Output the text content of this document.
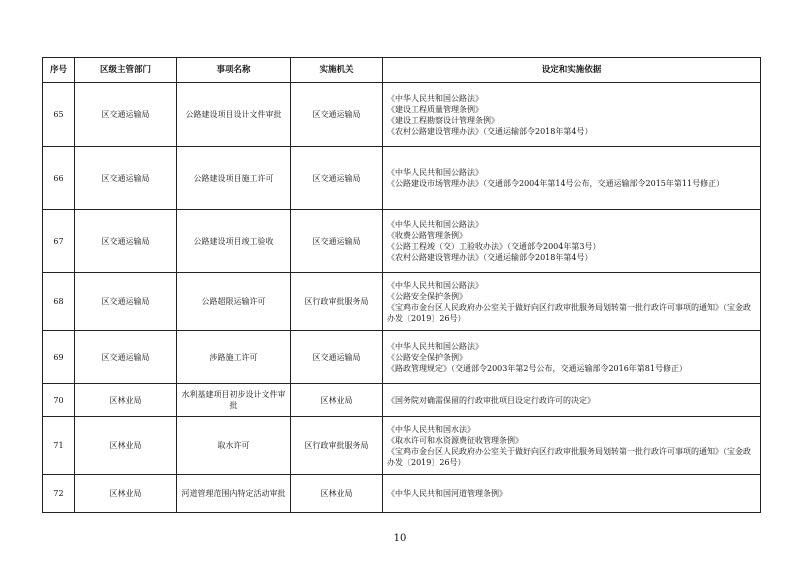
序号	区级主管部门	事项名称	实施机关	设定和实施依据
65	区交通运输局	公路建设项目设计文件审批	区交通运输局	《中华人民共和国公路法》
《建设工程质量管理条例》
《建设工程勘察设计管理条例》
《农村公路建设管理办法》（交通运输部令2018年第4号）

66	区交通运输局	公路建设项目施工许可	区交通运输局	《中华人民共和国公路法》
《公路建设市场管理办法》（交通部令2004年第14号公布，交通运输部令2015年第11号修正）

67	区交通运输局	公路建设项目竣工验收	区交通运输局	《中华人民共和国公路法》
《收费公路管理条例》
《公路工程竣（交）工验收办法》（交通部令2004年第3号）
《农村公路建设管理办法》（交通运输部令2018年第4号）

68	区交通运输局	公路超限运输许可	区行政审批服务局	《中华人民共和国公路法》
《公路安全保护条例》
《宝鸡市金台区人民政府办公室关于做好向区行政审批服务局划转第一批行政许可事项的通知》（宝金政办发〔2019〕26号）

69	区交通运输局	涉路施工许可	区交通运输局	《中华人民共和国公路法》
《公路安全保护条例》
《路政管理规定》（交通部令2003年第2号公布，交通运输部令2016年第81号修正）

70	区林业局	水利基建项目初步设计文件审批	区林业局	《国务院对确需保留的行政审批项目设定行政许可的决定》

71	区林业局	取水许可	区行政审批服务局	《中华人民共和国水法》
《取水许可和水资源费征收管理条例》
《宝鸡市金台区人民政府办公室关于做好向区行政审批服务局划转第一批行政许可事项的通知》（宝金政办发〔2019〕26号）

72	区林业局	河道管理范围内特定活动审批	区林业局	《中华人民共和国河道管理条例》
10
